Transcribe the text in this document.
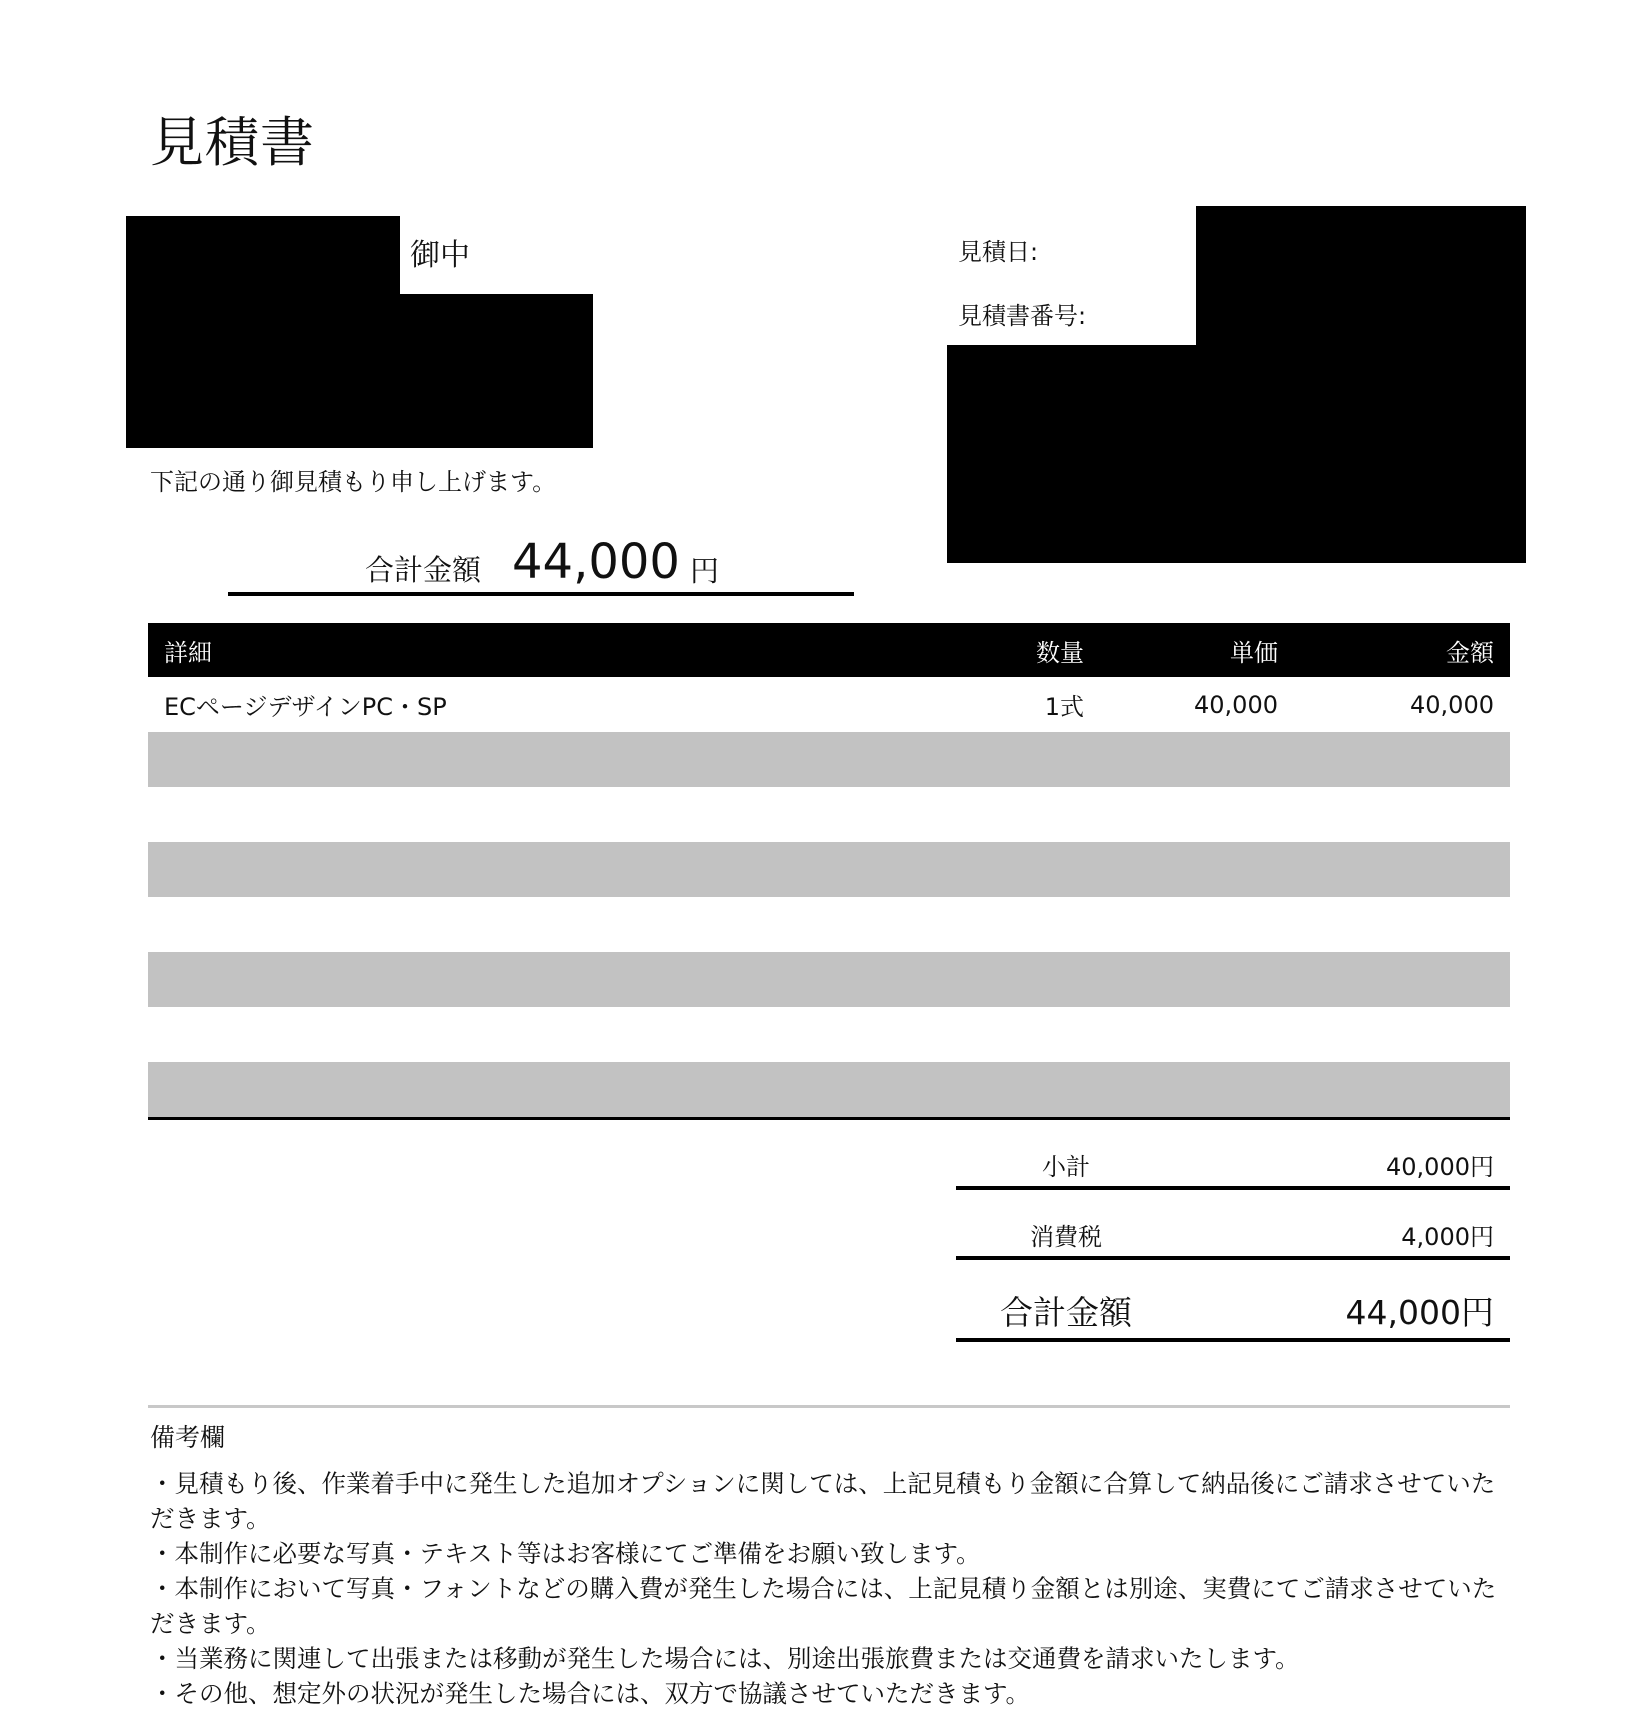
見積書
御中	見積日:
見積書番号:
下記の通り御見積もり申し上げます。
合計金額 44,000 円
詳細	数量	単価	金額
ECページデザインPC・SP	1式	40,000	40,000
小計	40,000円
消費税	4,000円
合計金額	44,000円
備考欄
・見積もり後、作業着手中に発生した追加オプションに関しては、上記見積もり金額に合算して納品後にご請求させていただきます。
・本制作に必要な写真・テキスト等はお客様にてご準備をお願い致します。
・本制作において写真・フォントなどの購入費が発生した場合には、上記見積り金額とは別途、実費にてご請求させていただきます。
・当業務に関連して出張または移動が発生した場合には、別途出張旅費または交通費を請求いたします。
・その他、想定外の状況が発生した場合には、双方で協議させていただきます。
